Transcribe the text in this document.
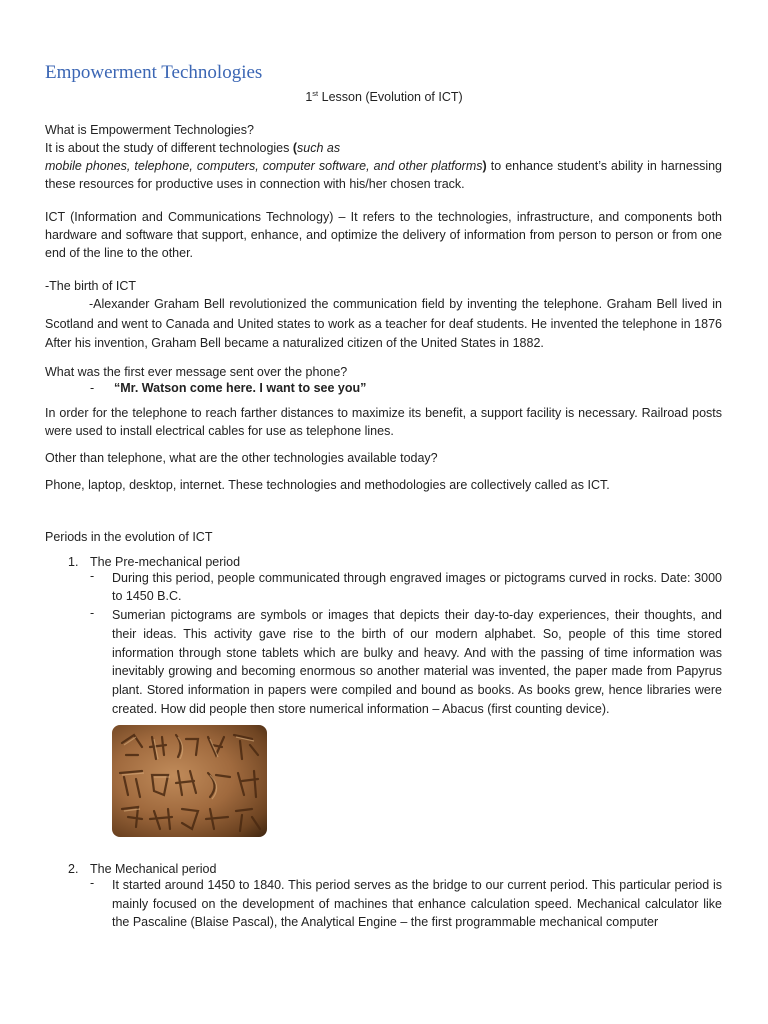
Empowerment Technologies
1st Lesson (Evolution of ICT)

What is Empowerment Technologies?

It is about the study of different technologies (such as

mobile phones, telephone, computers, computer software, and other platforms) to enhance student’s ability in harnessing these resources for productive uses in connection with his/her chosen track.

ICT (Information and Communications Technology) – It refers to the technologies, infrastructure, and components both hardware and software that support, enhance, and optimize the delivery of information from person to person or from one end of the line to the other.

-The birth of ICT

-Alexander Graham Bell revolutionized the communication field by inventing the telephone. Graham Bell lived in Scotland and went to Canada and United states to work as a teacher for deaf students. He invented the telephone in 1876 After his invention, Graham Bell became a naturalized citizen of the United States in 1882.

What was the first ever message sent over the phone?

-	“Mr. Watson come here. I want to see you”

In order for the telephone to reach farther distances to maximize its benefit, a support facility is necessary. Railroad posts were used to install electrical cables for use as telephone lines.

Other than telephone, what are the other technologies available today?

Phone, laptop, desktop, internet. These technologies and methodologies are collectively called as ICT.

Periods in the evolution of ICT

1. The Pre-mechanical period
-	During this period, people communicated through engraved images or pictograms curved in rocks. Date: 3000 to 1450 B.C.
-	Sumerian pictograms are symbols or images that depicts their day-to-day experiences, their thoughts, and their ideas. This activity gave rise to the birth of our modern alphabet. So, people of this time stored information through stone tablets which are bulky and heavy. And with the passing of time information was inevitably growing and becoming enormous so another material was invented, the paper made from Papyrus plant. Stored information in papers were compiled and bound as books. As books grew, hence libraries were created. How did people then store numerical information – Abacus (first counting device).
2. The Mechanical period
-	It started around 1450 to 1840. This period serves as the bridge to our current period. This particular period is mainly focused on the development of machines that enhance calculation speed. Mechanical calculator like the Pascaline (Blaise Pascal), the Analytical Engine – the first programmable mechanical computer
